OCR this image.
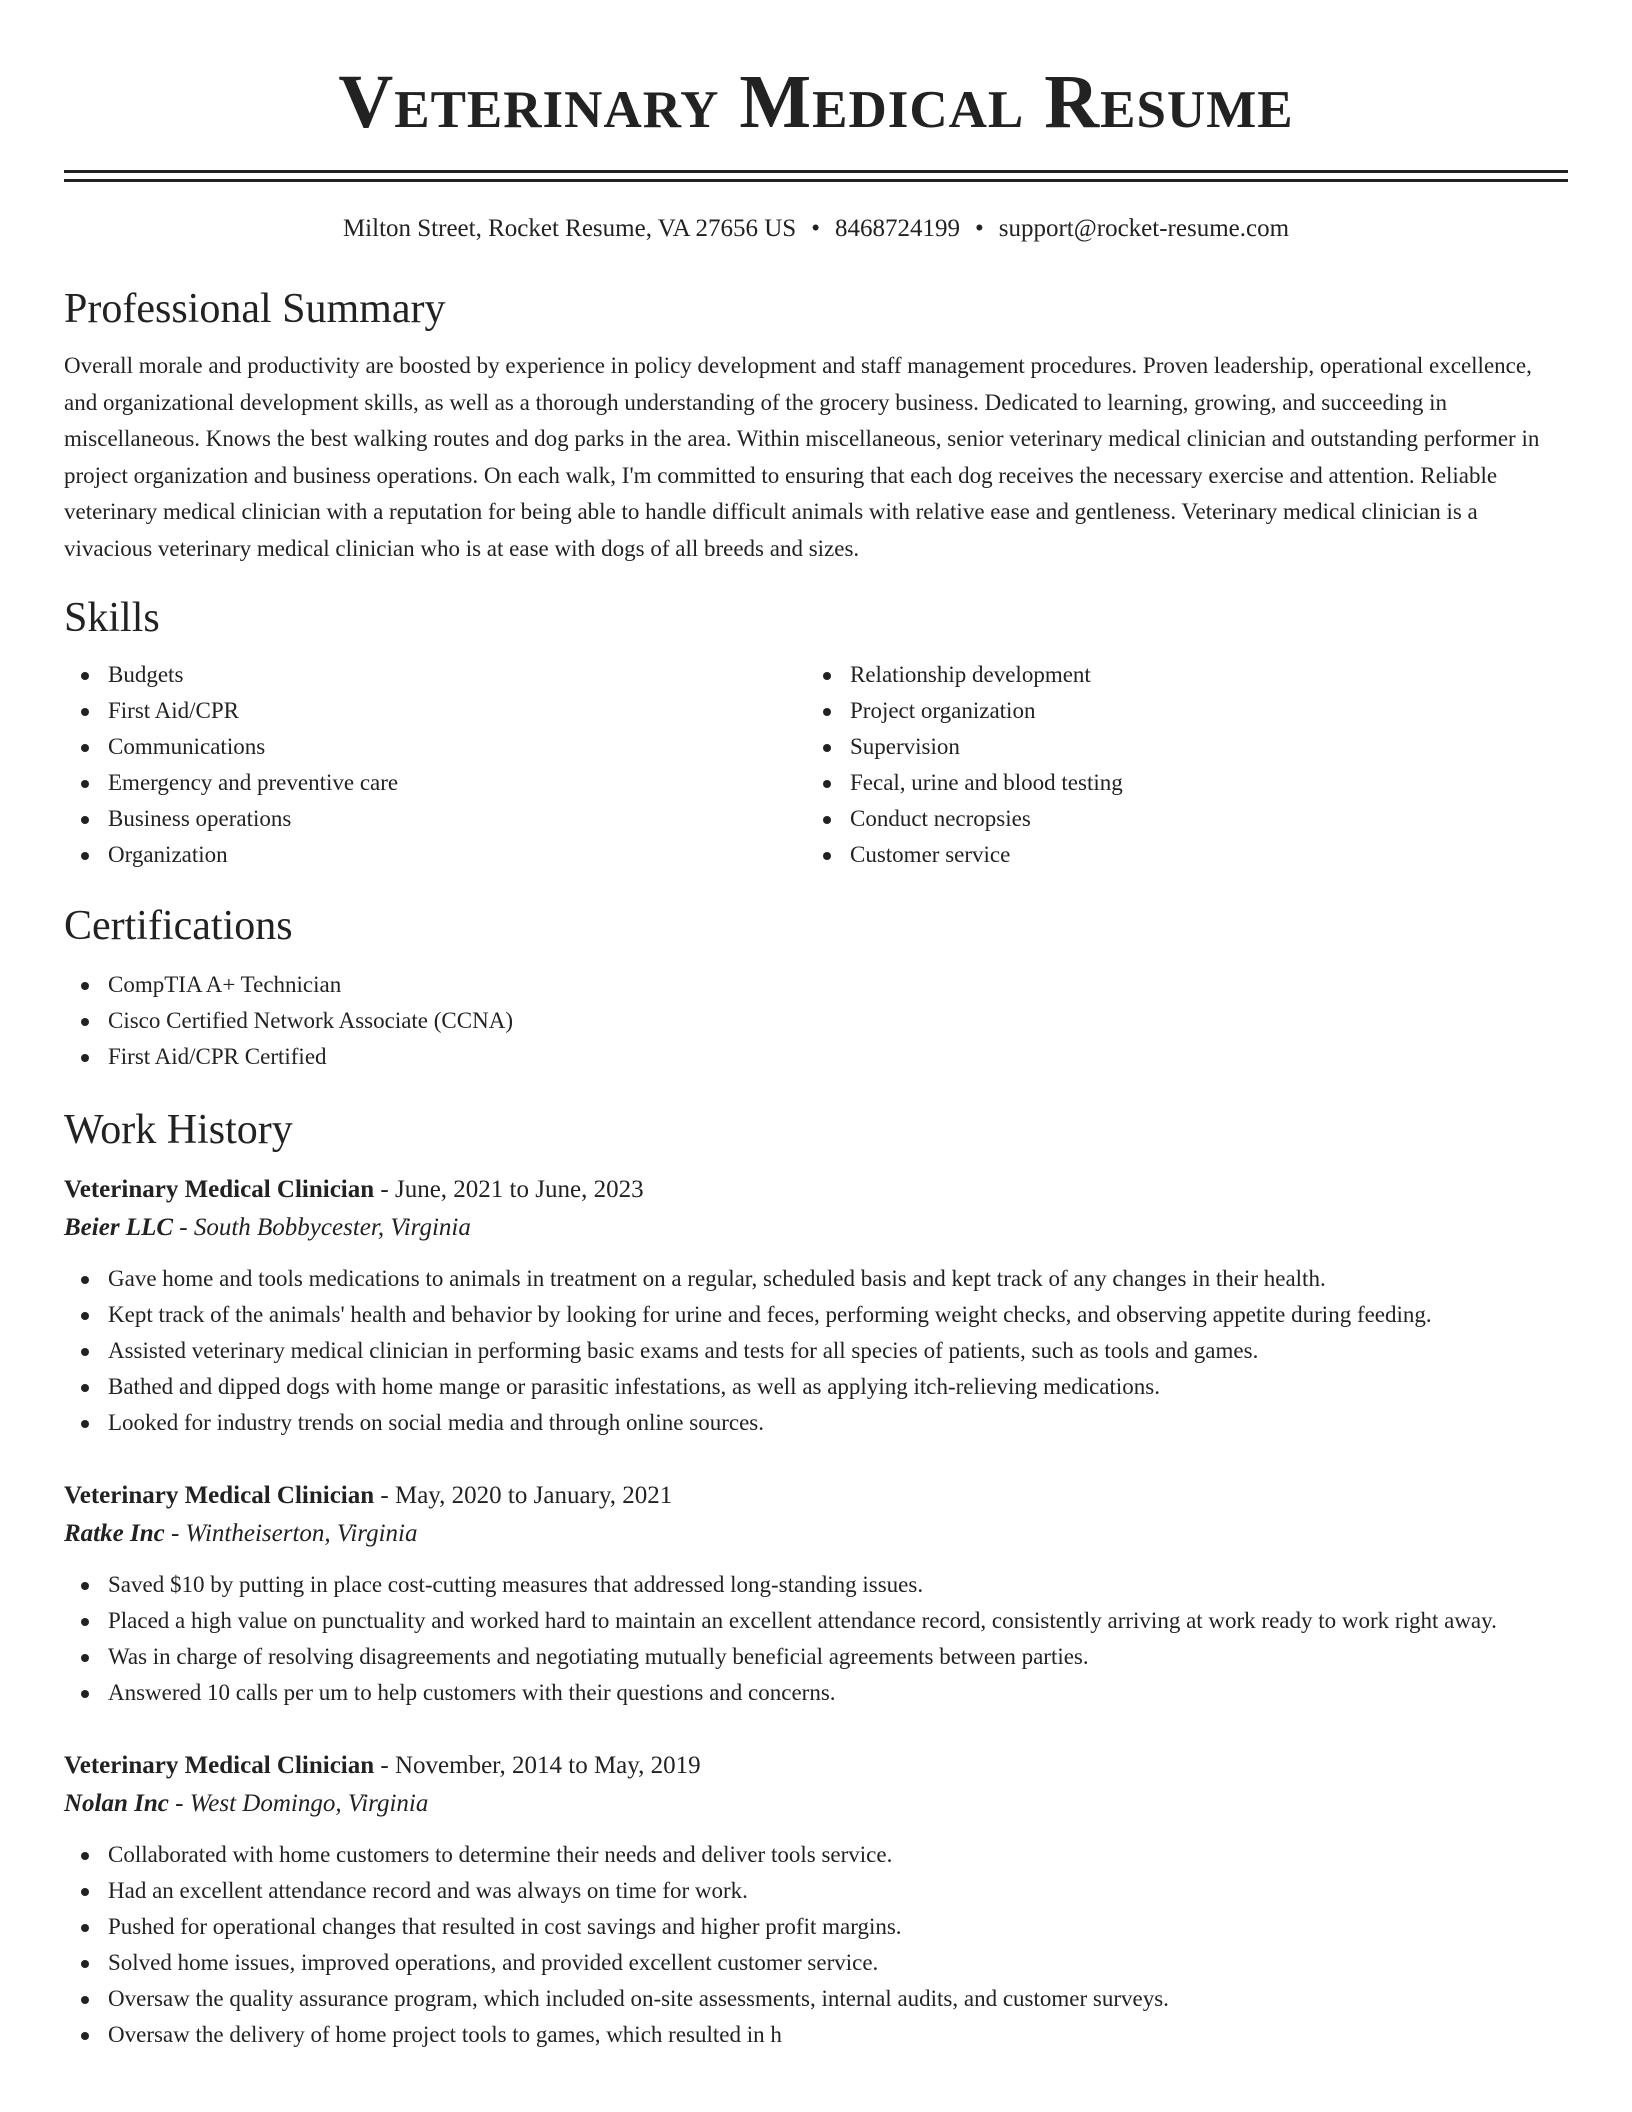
Veterinary Medical Resume
Milton Street, Rocket Resume, VA 27656 US • 8468724199 • support@rocket-resume.com
Professional Summary

Overall morale and productivity are boosted by experience in policy development and staff management procedures. Proven leadership, operational excellence, and organizational development skills, as well as a thorough understanding of the grocery business. Dedicated to learning, growing, and succeeding in miscellaneous. Knows the best walking routes and dog parks in the area. Within miscellaneous, senior veterinary medical clinician and outstanding performer in project organization and business operations. On each walk, I'm committed to ensuring that each dog receives the necessary exercise and attention. Reliable veterinary medical clinician with a reputation for being able to handle difficult animals with relative ease and gentleness. Veterinary medical clinician is a vivacious veterinary medical clinician who is at ease with dogs of all breeds and sizes.

Skills
Budgets
First Aid/CPR
Communications
Emergency and preventive care
Business operations
Organization
Relationship development
Project organization
Supervision
Fecal, urine and blood testing
Conduct necropsies
Customer service
Certifications
CompTIA A+ Technician
Cisco Certified Network Associate (CCNA)
First Aid/CPR Certified
Work History
Veterinary Medical Clinician - June, 2021 to June, 2023
Beier LLC - South Bobbycester, Virginia
Gave home and tools medications to animals in treatment on a regular, scheduled basis and kept track of any changes in their health.
Kept track of the animals' health and behavior by looking for urine and feces, performing weight checks, and observing appetite during feeding.
Assisted veterinary medical clinician in performing basic exams and tests for all species of patients, such as tools and games.
Bathed and dipped dogs with home mange or parasitic infestations, as well as applying itch-relieving medications.
Looked for industry trends on social media and through online sources.
Veterinary Medical Clinician - May, 2020 to January, 2021
Ratke Inc - Wintheiserton, Virginia
Saved $10 by putting in place cost-cutting measures that addressed long-standing issues.
Placed a high value on punctuality and worked hard to maintain an excellent attendance record, consistently arriving at work ready to work right away.
Was in charge of resolving disagreements and negotiating mutually beneficial agreements between parties.
Answered 10 calls per um to help customers with their questions and concerns.
Veterinary Medical Clinician - November, 2014 to May, 2019
Nolan Inc - West Domingo, Virginia
Collaborated with home customers to determine their needs and deliver tools service.
Had an excellent attendance record and was always on time for work.
Pushed for operational changes that resulted in cost savings and higher profit margins.
Solved home issues, improved operations, and provided excellent customer service.
Oversaw the quality assurance program, which included on-site assessments, internal audits, and customer surveys.
Oversaw the delivery of home project tools to games, which resulted in h
